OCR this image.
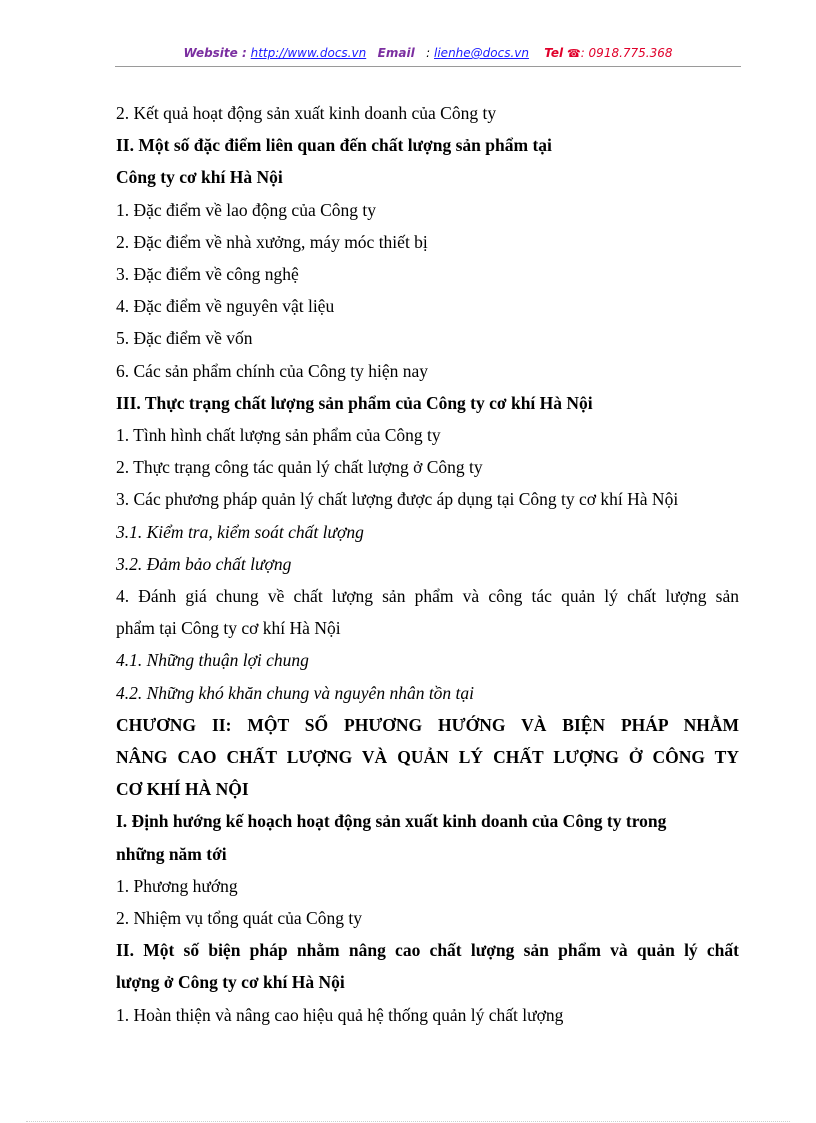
Website : http://www.docs.vn Email : lienhe@docs.vn Tel ☎: 0918.775.368

2. Kết quả hoạt động sản xuất kinh doanh của Công ty

II. Một số đặc điểm liên quan đến chất lượng sản phẩm tại

Công ty cơ khí Hà Nội

1. Đặc điểm về lao động của Công ty

2. Đặc điểm về nhà xưởng, máy móc thiết bị

3. Đặc điểm về công nghệ

4. Đặc điểm về nguyên vật liệu

5. Đặc điểm về vốn

6. Các sản phẩm chính của Công ty hiện nay

III. Thực trạng chất lượng sản phẩm của Công ty cơ khí Hà Nội

1. Tình hình chất lượng sản phẩm của Công ty

2. Thực trạng công tác quản lý chất lượng ở Công ty

3. Các phương pháp quản lý chất lượng được áp dụng tại Công ty cơ khí Hà Nội

3.1. Kiểm tra, kiểm soát chất lượng

3.2. Đảm bảo chất lượng

4. Đánh giá chung về chất lượng sản phẩm và công tác quản lý chất lượng sản

phẩm tại Công ty cơ khí Hà Nội

4.1. Những thuận lợi chung

4.2. Những khó khăn chung và nguyên nhân tồn tại

CHƯƠNG II: MỘT SỐ PHƯƠNG HƯỚNG VÀ BIỆN PHÁP NHẰM

NÂNG CAO CHẤT LƯỢNG VÀ QUẢN LÝ CHẤT LƯỢNG Ở CÔNG TY

CƠ KHÍ HÀ NỘI

I. Định hướng kế hoạch hoạt động sản xuất kinh doanh của Công ty trong

những năm tới

1. Phương hướng

2. Nhiệm vụ tổng quát của Công ty

II. Một số biện pháp nhằm nâng cao chất lượng sản phẩm và quản lý chất

lượng ở Công ty cơ khí Hà Nội

1. Hoàn thiện và nâng cao hiệu quả hệ thống quản lý chất lượng
